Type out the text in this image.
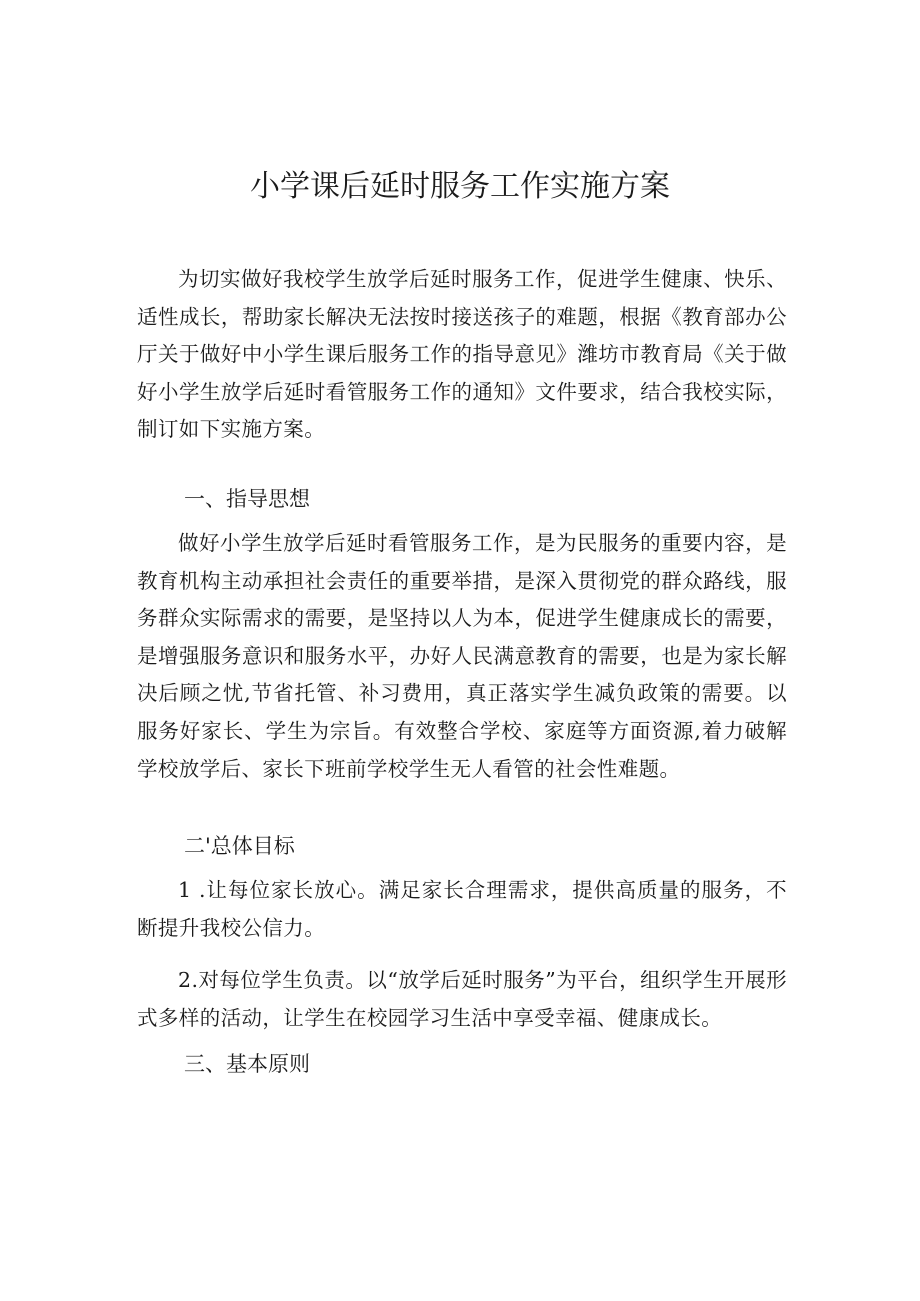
小学课后延时服务工作实施方案

为切实做好我校学生放学后延时服务工作，促进学生健康、快乐、适性成长，帮助家长解决无法按时接送孩子的难题，根据《教育部办公厅关于做好中小学生课后服务工作的指导意见》潍坊市教育局《关于做好小学生放学后延时看管服务工作的通知》文件要求，结合我校实际，制订如下实施方案。

一、指导思想

做好小学生放学后延时看管服务工作，是为民服务的重要内容，是教育机构主动承担社会责任的重要举措，是深入贯彻党的群众路线，服务群众实际需求的需要，是坚持以人为本，促进学生健康成长的需要，是增强服务意识和服务水平，办好人民满意教育的需要，也是为家长解决后顾之忧,节省托管、补习费用，真正落实学生减负政策的需要。以服务好家长、学生为宗旨。有效整合学校、家庭等方面资源,着力破解学校放学后、家长下班前学校学生无人看管的社会性难题。

二'总体目标

1 .让每位家长放心。满足家长合理需求，提供高质量的服务，不断提升我校公信力。

2.对每位学生负责。以“放学后延时服务”为平台，组织学生开展形式多样的活动，让学生在校园学习生活中享受幸福、健康成长。

三、基本原则
